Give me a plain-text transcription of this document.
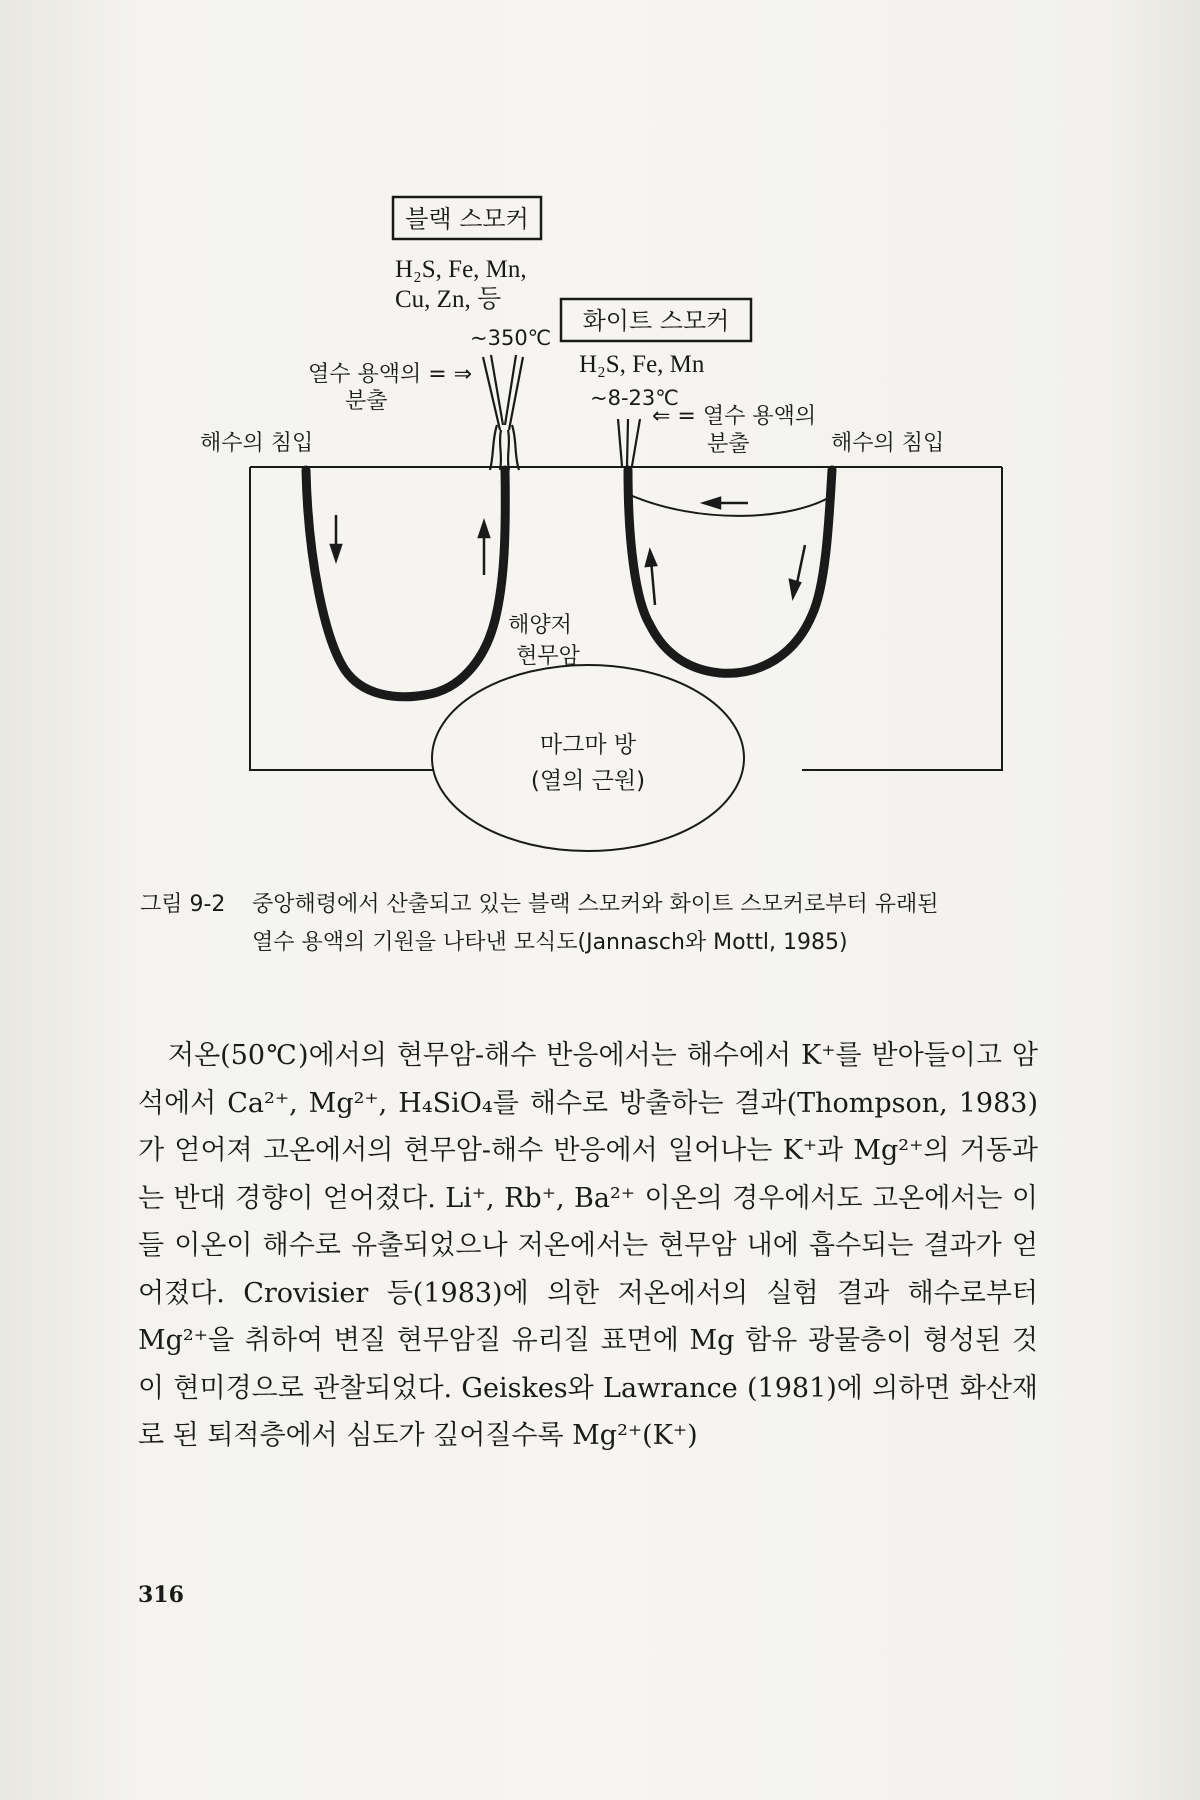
블랙 스모커
H₂S, Fe, Mn,
Cu, Zn, 등
~350℃
화이트 스모커
H₂S, Fe, Mn
~8-23℃
열수 용액의 = ⇒
분출
⇐ = 열수 용액의
분출
해수의 침입	해수의 침입
해양저
현무암
마그마 방
(열의 근원)
그림 9-2 중앙해령에서 산출되고 있는 블랙 스모커와 화이트 스모커로부터 유래된
열수 용액의 기원을 나타낸 모식도(Jannasch와 Mottl, 1985)

저온(50℃)에서의 현무암-해수 반응에서는 해수에서 K⁺를 받아들이고 암석에서 Ca²⁺, Mg²⁺, H₄SiO₄를 해수로 방출하는 결과(Thompson, 1983)가 얻어져 고온에서의 현무암-해수 반응에서 일어나는 K⁺과 Mg²⁺의 거동과는 반대 경향이 얻어졌다. Li⁺, Rb⁺, Ba²⁺ 이온의 경우에서도 고온에서는 이들 이온이 해수로 유출되었으나 저온에서는 현무암 내에 흡수되는 결과가 얻어졌다. Crovisier 등(1983)에 의한 저온에서의 실험 결과 해수로부터 Mg²⁺을 취하여 변질 현무암질 유리질 표면에 Mg 함유 광물층이 형성된 것이 현미경으로 관찰되었다. Geiskes와 Lawrance (1981)에 의하면 화산재로 된 퇴적층에서 심도가 깊어질수록 Mg²⁺(K⁺)

316
